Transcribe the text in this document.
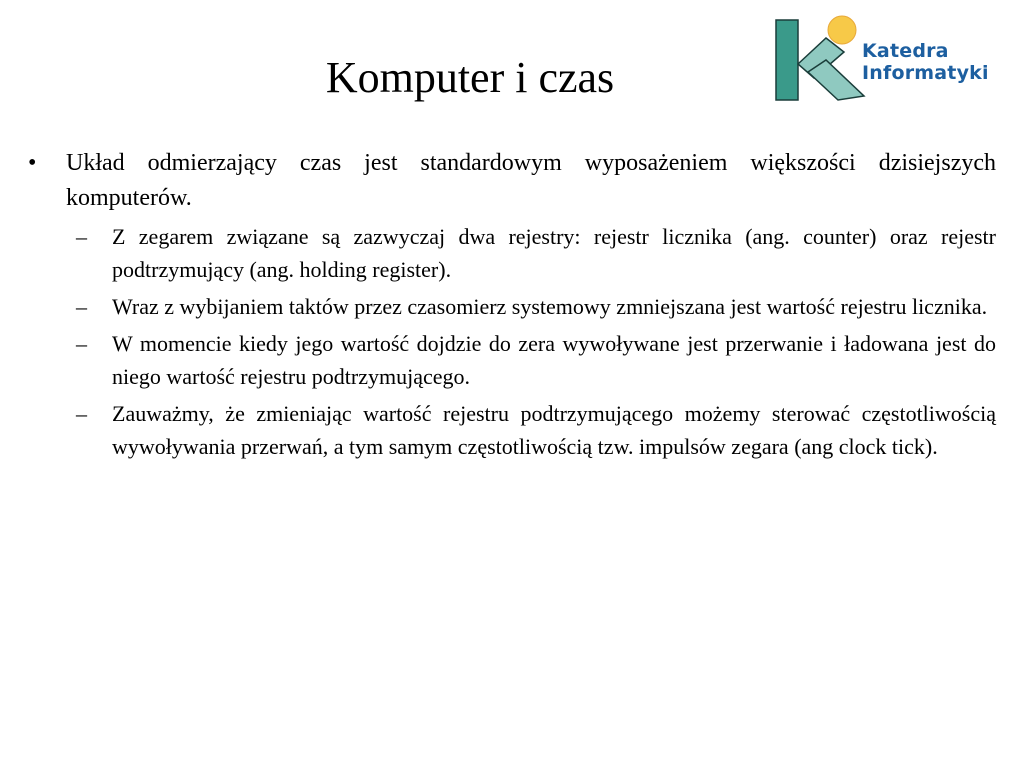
Komputer i czas
Katedra
Informatyki
• Układ odmierzający czas jest standardowym wyposażeniem większości dzisiejszych komputerów.
– Z zegarem związane są zazwyczaj dwa rejestry: rejestr licznika (ang. counter) oraz rejestr podtrzymujący (ang. holding register).
– Wraz z wybijaniem taktów przez czasomierz systemowy zmniejszana jest wartość rejestru licznika.
– W momencie kiedy jego wartość dojdzie do zera wywoływane jest przerwanie i ładowana jest do niego wartość rejestru podtrzymującego.
– Zauważmy, że zmieniając wartość rejestru podtrzymującego możemy sterować częstotliwością wywoływania przerwań, a tym samym częstotliwością tzw. impulsów zegara (ang clock tick).
